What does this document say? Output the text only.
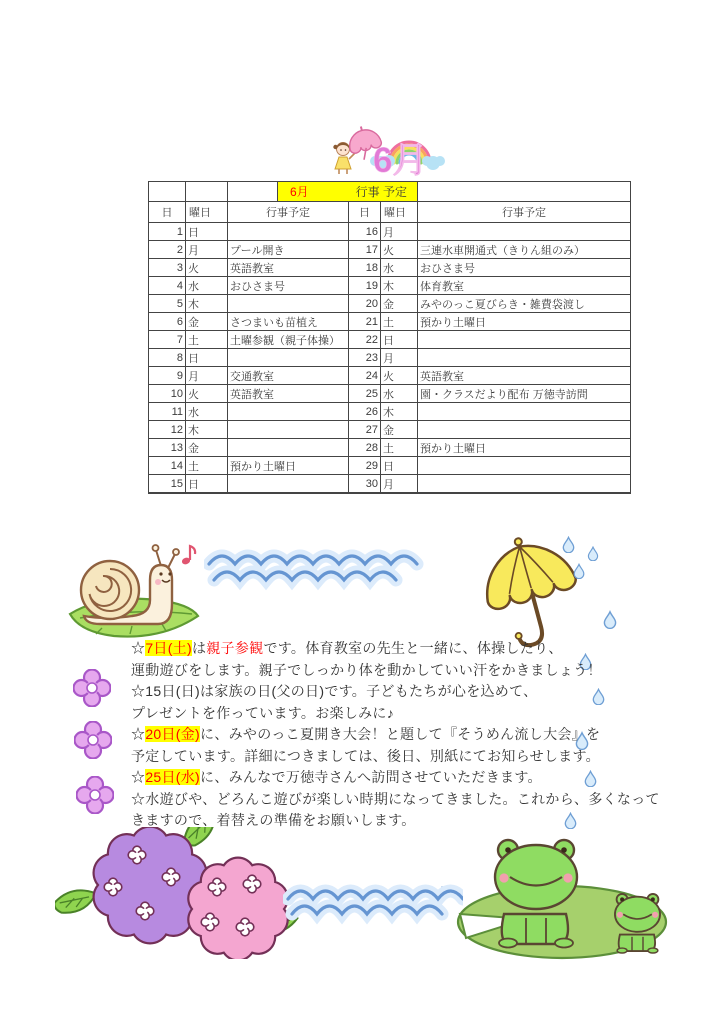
6月

			6月 行事 予定			

日	曜日	行事予定		日	曜日	行事予定
1	日			16	月	
2	月	プール開き		17	火	三連水車開通式（きりん組のみ）
3	火	英語教室		18	水	おひさま号
4	水	おひさま号		19	木	体育教室
5	木			20	金	みやのっこ夏びらき・雑費袋渡し
6	金	さつまいも苗植え		21	土	預かり土曜日
7	土	土曜参観（親子体操）		22	日	
8	日			23	月	
9	月	交通教室		24	火	英語教室
10	火	英語教室		25	水	園・クラスだより配布 万徳寺訪問
11	水			26	木	
12	木			27	金	
13	金			28	土	預かり土曜日
14	土	預かり土曜日		29	日	
15	日			30	月	
☆7日(土)は親子参観です。体育教室の先生と一緒に、体操したり、
運動遊びをします。親子でしっかり体を動かしていい汗をかきましょう！
☆15日(日)は家族の日(父の日)です。子どもたちが心を込めて、
プレゼントを作っています。お楽しみに♪
☆20日(金)に、みやのっこ夏開き大会！と題して『そうめん流し大会』を
予定しています。詳細につきましては、後日、別紙にてお知らせします。
☆25日(水)に、みんなで万徳寺さんへ訪問させていただきます。
☆水遊びや、どろんこ遊びが楽しい時期になってきました。これから、多くなって
きますので、着替えの準備をお願いします。
